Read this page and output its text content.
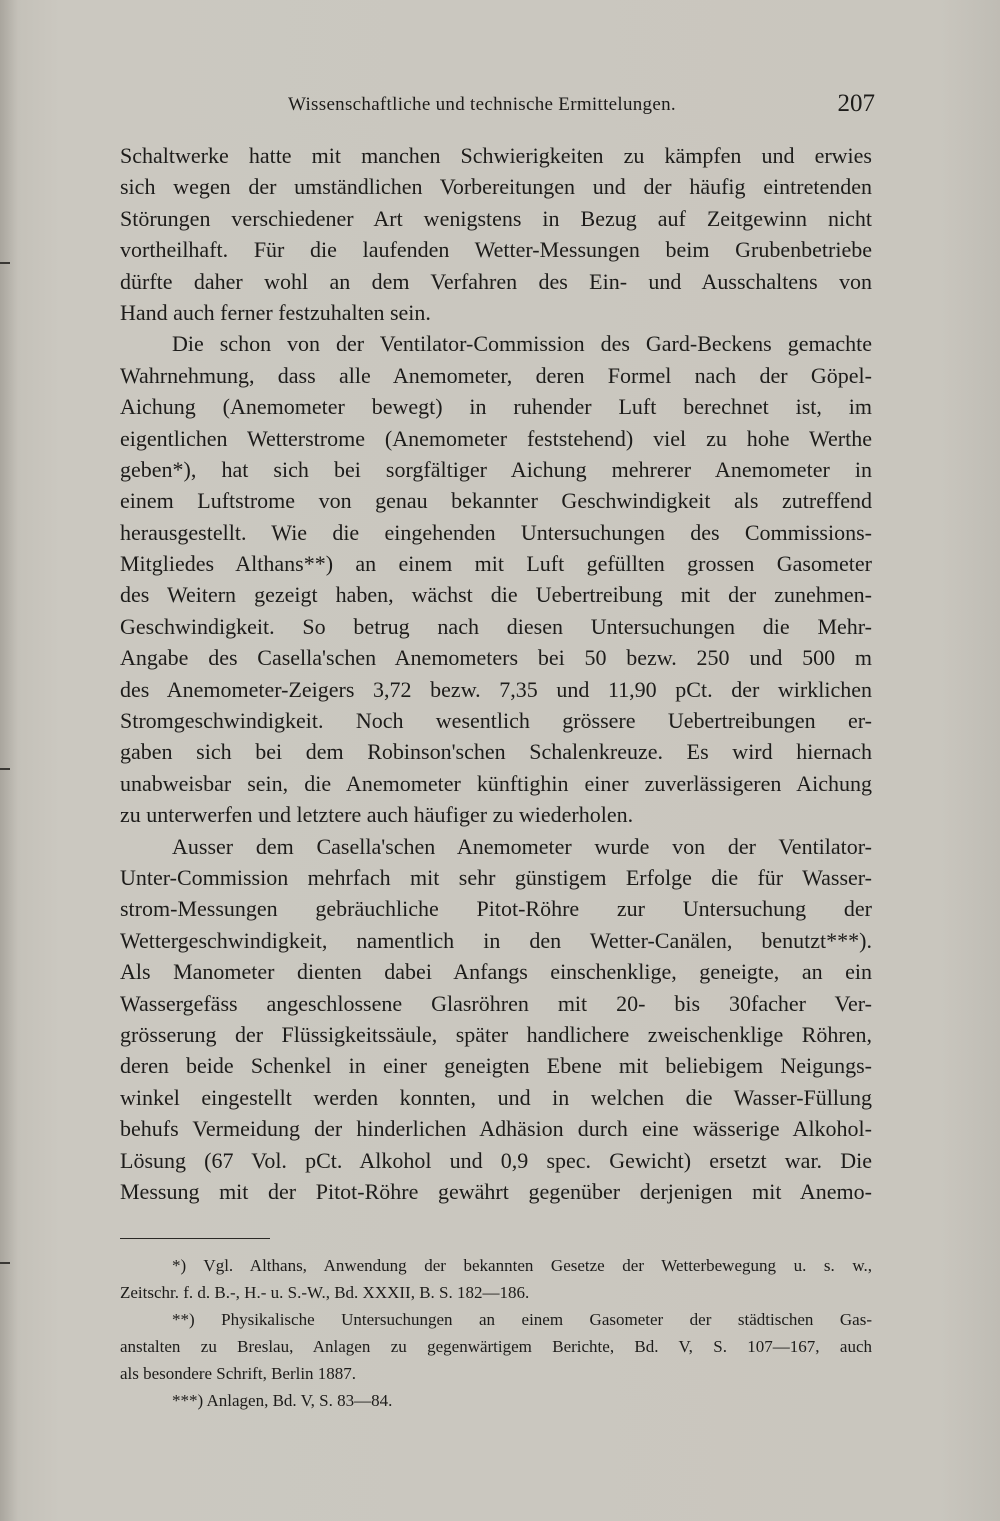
Wissenschaftliche und technische Ermittelungen.	207
Schaltwerke hatte mit manchen Schwierigkeiten zu kämpfen und erwies
sich wegen der umständlichen Vorbereitungen und der häufig eintretenden
Störungen verschiedener Art wenigstens in Bezug auf Zeitgewinn nicht
vortheilhaft. Für die laufenden Wetter-Messungen beim Grubenbetriebe
dürfte daher wohl an dem Verfahren des Ein- und Ausschaltens von
Hand auch ferner festzuhalten sein.
Die schon von der Ventilator-Commission des Gard-Beckens gemachte
Wahrnehmung, dass alle Anemometer, deren Formel nach der Göpel-
Aichung (Anemometer bewegt) in ruhender Luft berechnet ist, im
eigentlichen Wetterstrome (Anemometer feststehend) viel zu hohe Werthe
geben*), hat sich bei sorgfältiger Aichung mehrerer Anemometer in
einem Luftstrome von genau bekannter Geschwindigkeit als zutreffend
herausgestellt. Wie die eingehenden Untersuchungen des Commissions-
Mitgliedes Althans**) an einem mit Luft gefüllten grossen Gasometer
des Weitern gezeigt haben, wächst die Uebertreibung mit der zunehmen-
Geschwindigkeit. So betrug nach diesen Untersuchungen die Mehr-
Angabe des Casella'schen Anemometers bei 50 bezw. 250 und 500 m
des Anemometer-Zeigers 3,72 bezw. 7,35 und 11,90 pCt. der wirklichen
Stromgeschwindigkeit. Noch wesentlich grössere Uebertreibungen er-
gaben sich bei dem Robinson'schen Schalenkreuze. Es wird hiernach
unabweisbar sein, die Anemometer künftighin einer zuverlässigeren Aichung
zu unterwerfen und letztere auch häufiger zu wiederholen.
Ausser dem Casella'schen Anemometer wurde von der Ventilator-
Unter-Commission mehrfach mit sehr günstigem Erfolge die für Wasser-
strom-Messungen gebräuchliche Pitot-Röhre zur Untersuchung der
Wettergeschwindigkeit, namentlich in den Wetter-Canälen, benutzt***).
Als Manometer dienten dabei Anfangs einschenklige, geneigte, an ein
Wassergefäss angeschlossene Glasröhren mit 20- bis 30facher Ver-
grösserung der Flüssigkeitssäule, später handlichere zweischenklige Röhren,
deren beide Schenkel in einer geneigten Ebene mit beliebigem Neigungs-
winkel eingestellt werden konnten, und in welchen die Wasser-Füllung
behufs Vermeidung der hinderlichen Adhäsion durch eine wässerige Alkohol-
Lösung (67 Vol. pCt. Alkohol und 0,9 spec. Gewicht) ersetzt war. Die
Messung mit der Pitot-Röhre gewährt gegenüber derjenigen mit Anemo-
*) Vgl. Althans, Anwendung der bekannten Gesetze der Wetterbewegung u. s. w.,
Zeitschr. f. d. B.-, H.- u. S.-W., Bd. XXXII, B. S. 182—186.
**) Physikalische Untersuchungen an einem Gasometer der städtischen Gas-
anstalten zu Breslau, Anlagen zu gegenwärtigem Berichte, Bd. V, S. 107—167, auch
als besondere Schrift, Berlin 1887.
***) Anlagen, Bd. V, S. 83—84.
